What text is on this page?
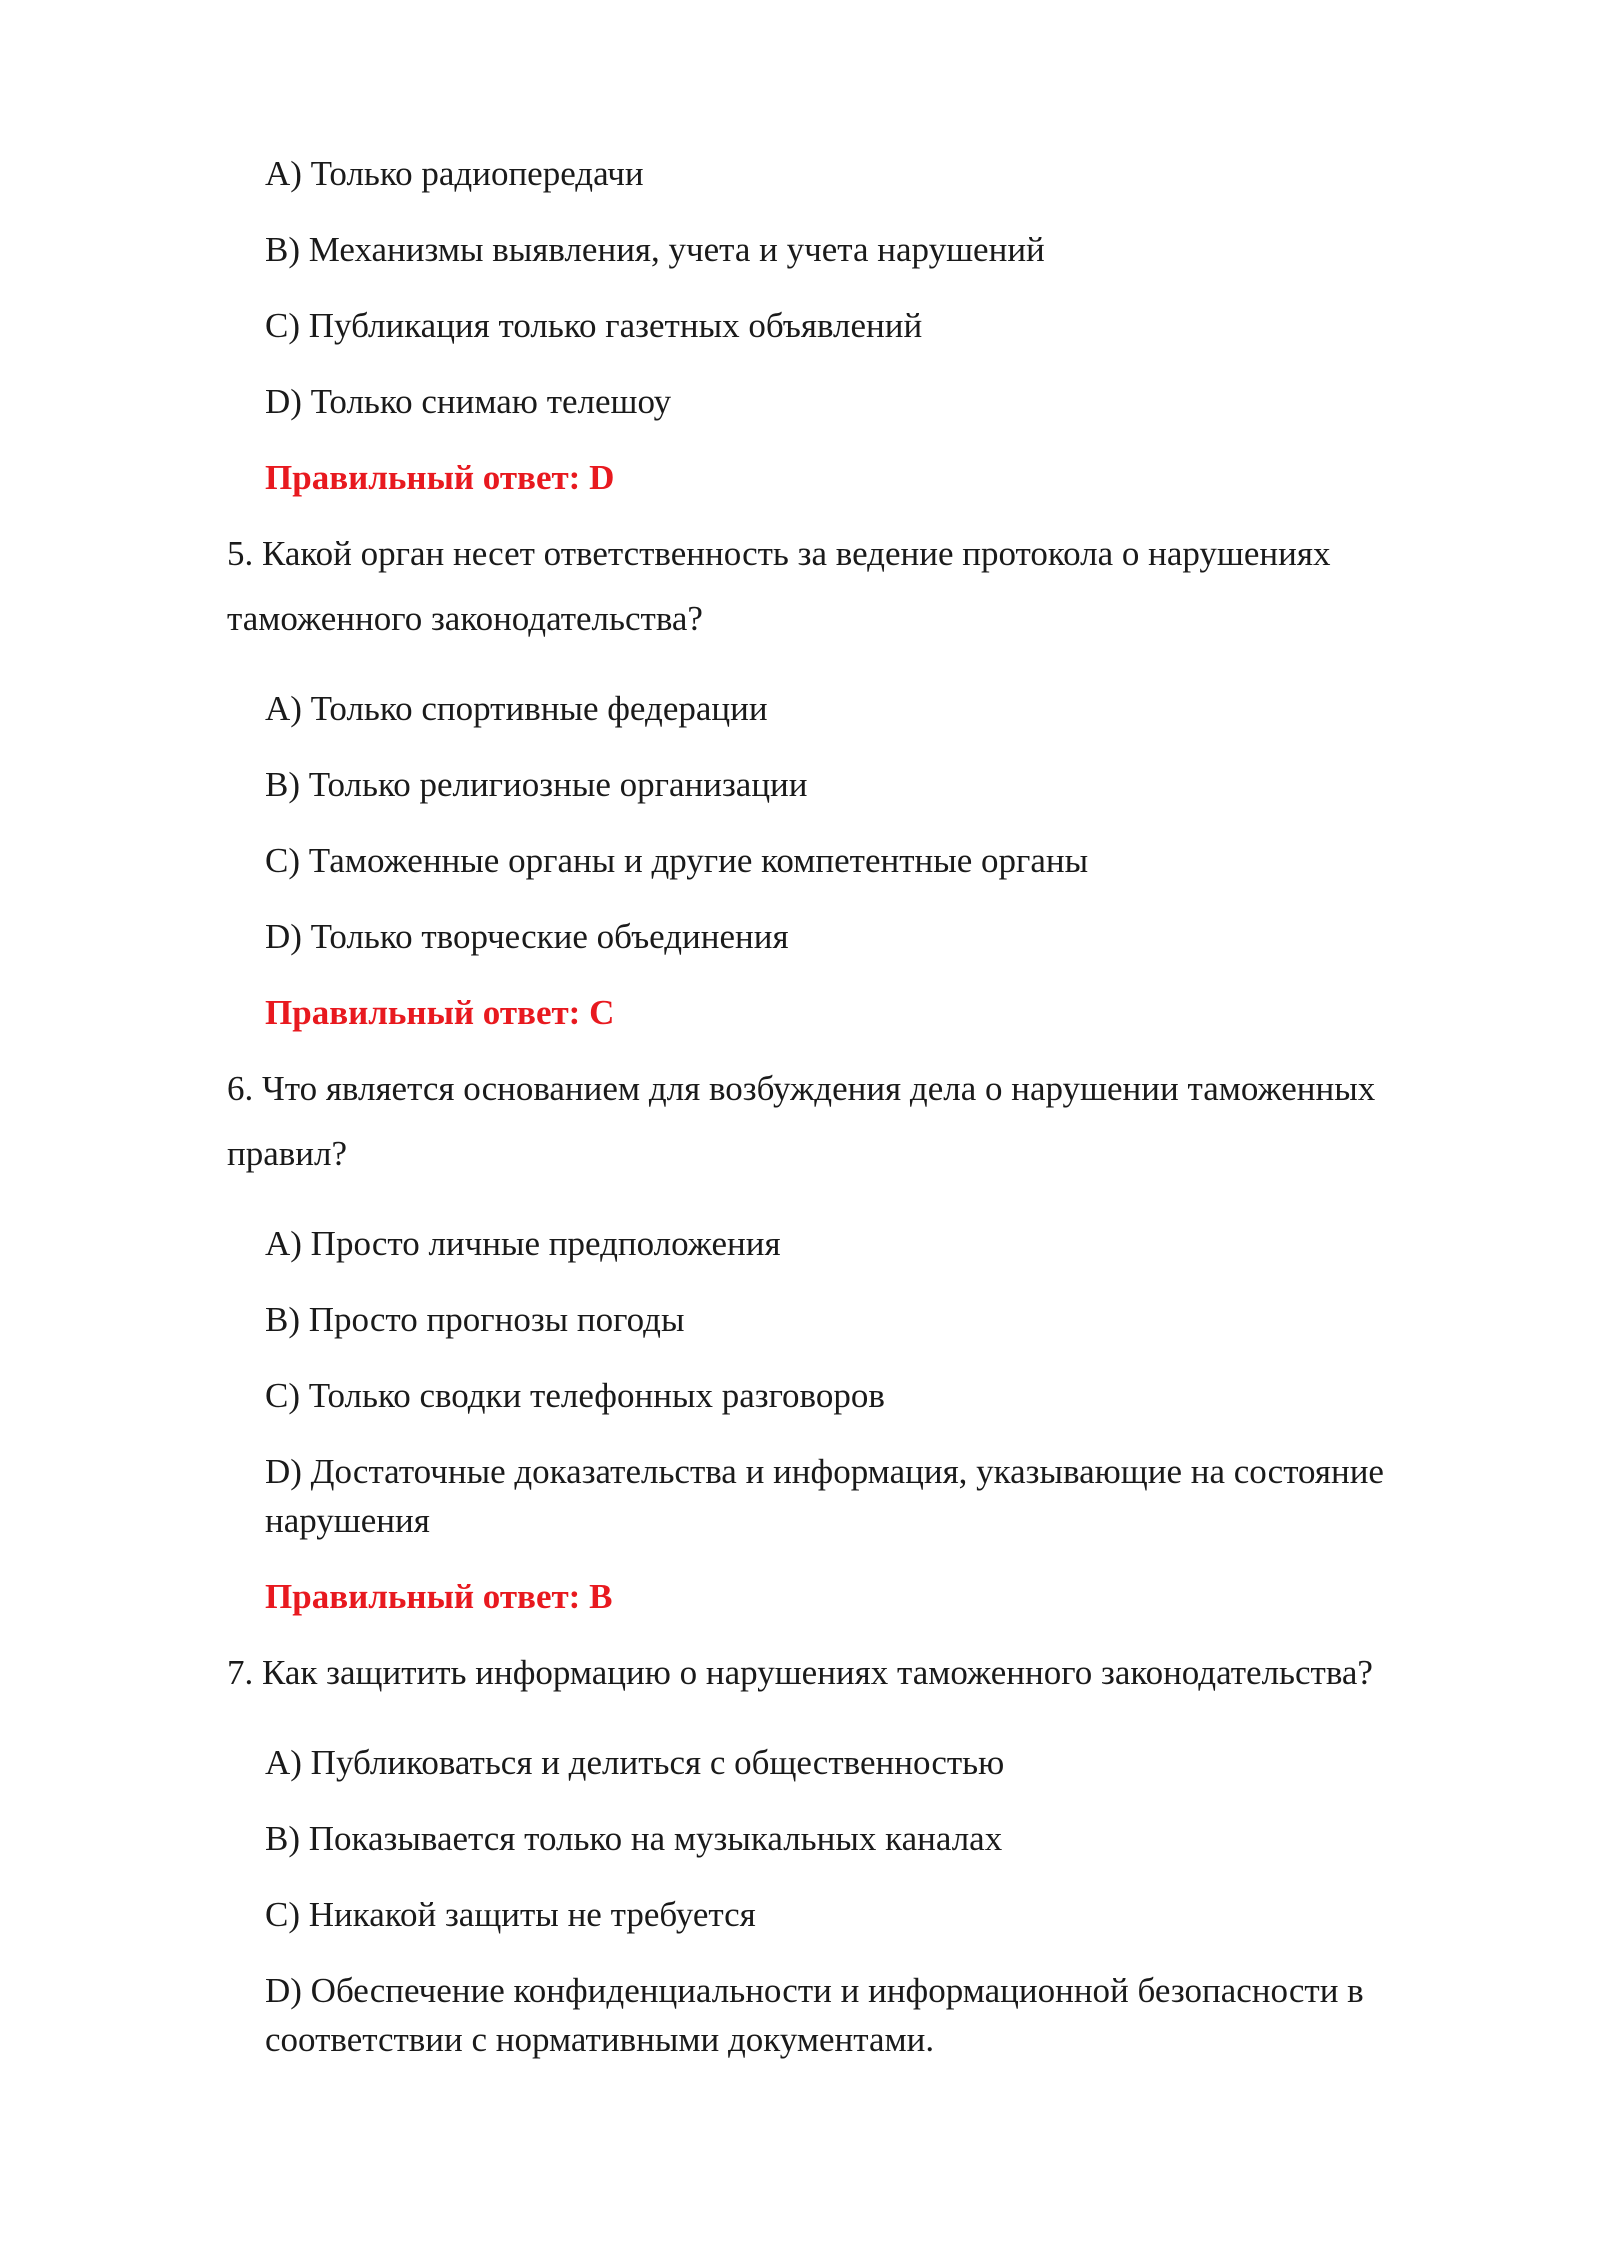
A) Только радиопередачи

B) Механизмы выявления, учета и учета нарушений

C) Публикация только газетных объявлений

D) Только снимаю телешоу

Правильный ответ: D

5. Какой орган несет ответственность за ведение протокола о нарушениях

таможенного законодательства?

A) Только спортивные федерации

B) Только религиозные организации

C) Таможенные органы и другие компетентные органы

D) Только творческие объединения

Правильный ответ: C

6. Что является основанием для возбуждения дела о нарушении таможенных

правил?

A) Просто личные предположения

B) Просто прогнозы погоды

C) Только сводки телефонных разговоров

D) Достаточные доказательства и информация, указывающие на состояние

нарушения

Правильный ответ: B

7. Как защитить информацию о нарушениях таможенного законодательства?

A) Публиковаться и делиться с общественностью

B) Показывается только на музыкальных каналах

C) Никакой защиты не требуется

D) Обеспечение конфиденциальности и информационной безопасности в

соответствии с нормативными документами.
